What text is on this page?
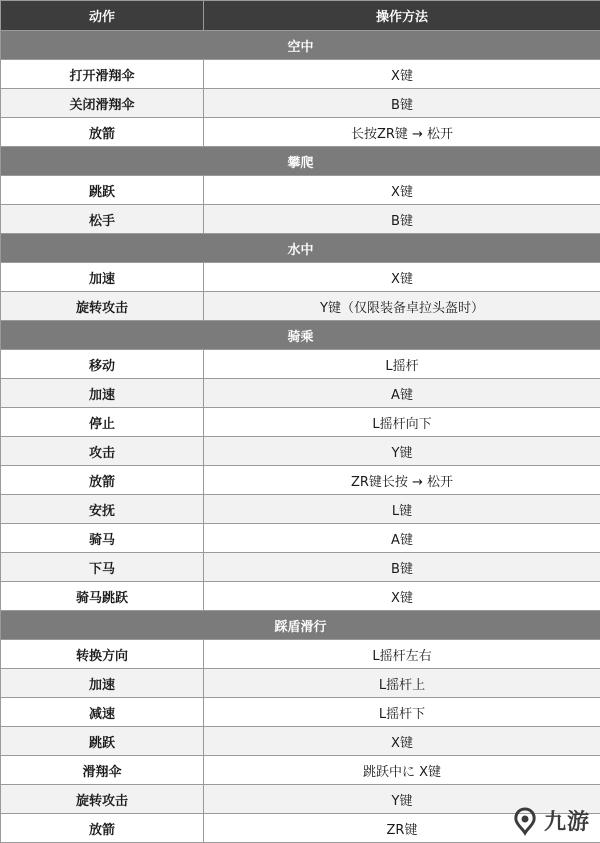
动作	操作方法
空中	
打开滑翔伞	X键
关闭滑翔伞	B键
放箭	长按ZR键 → 松开
攀爬	
跳跃	X键
松手	B键
水中	
加速	X键
旋转攻击	Y键（仅限装备卓拉头盔时）
骑乘	
移动	L摇杆
加速	A键
停止	L摇杆向下
攻击	Y键
放箭	ZR键长按 → 松开
安抚	L键
骑马	A键
下马	B键
骑马跳跃	X键
踩盾滑行	
转换方向	L摇杆左右
加速	L摇杆上
减速	L摇杆下
跳跃	X键
滑翔伞	跳跃中に X键
旋转攻击	Y键
放箭	ZR键	九游
